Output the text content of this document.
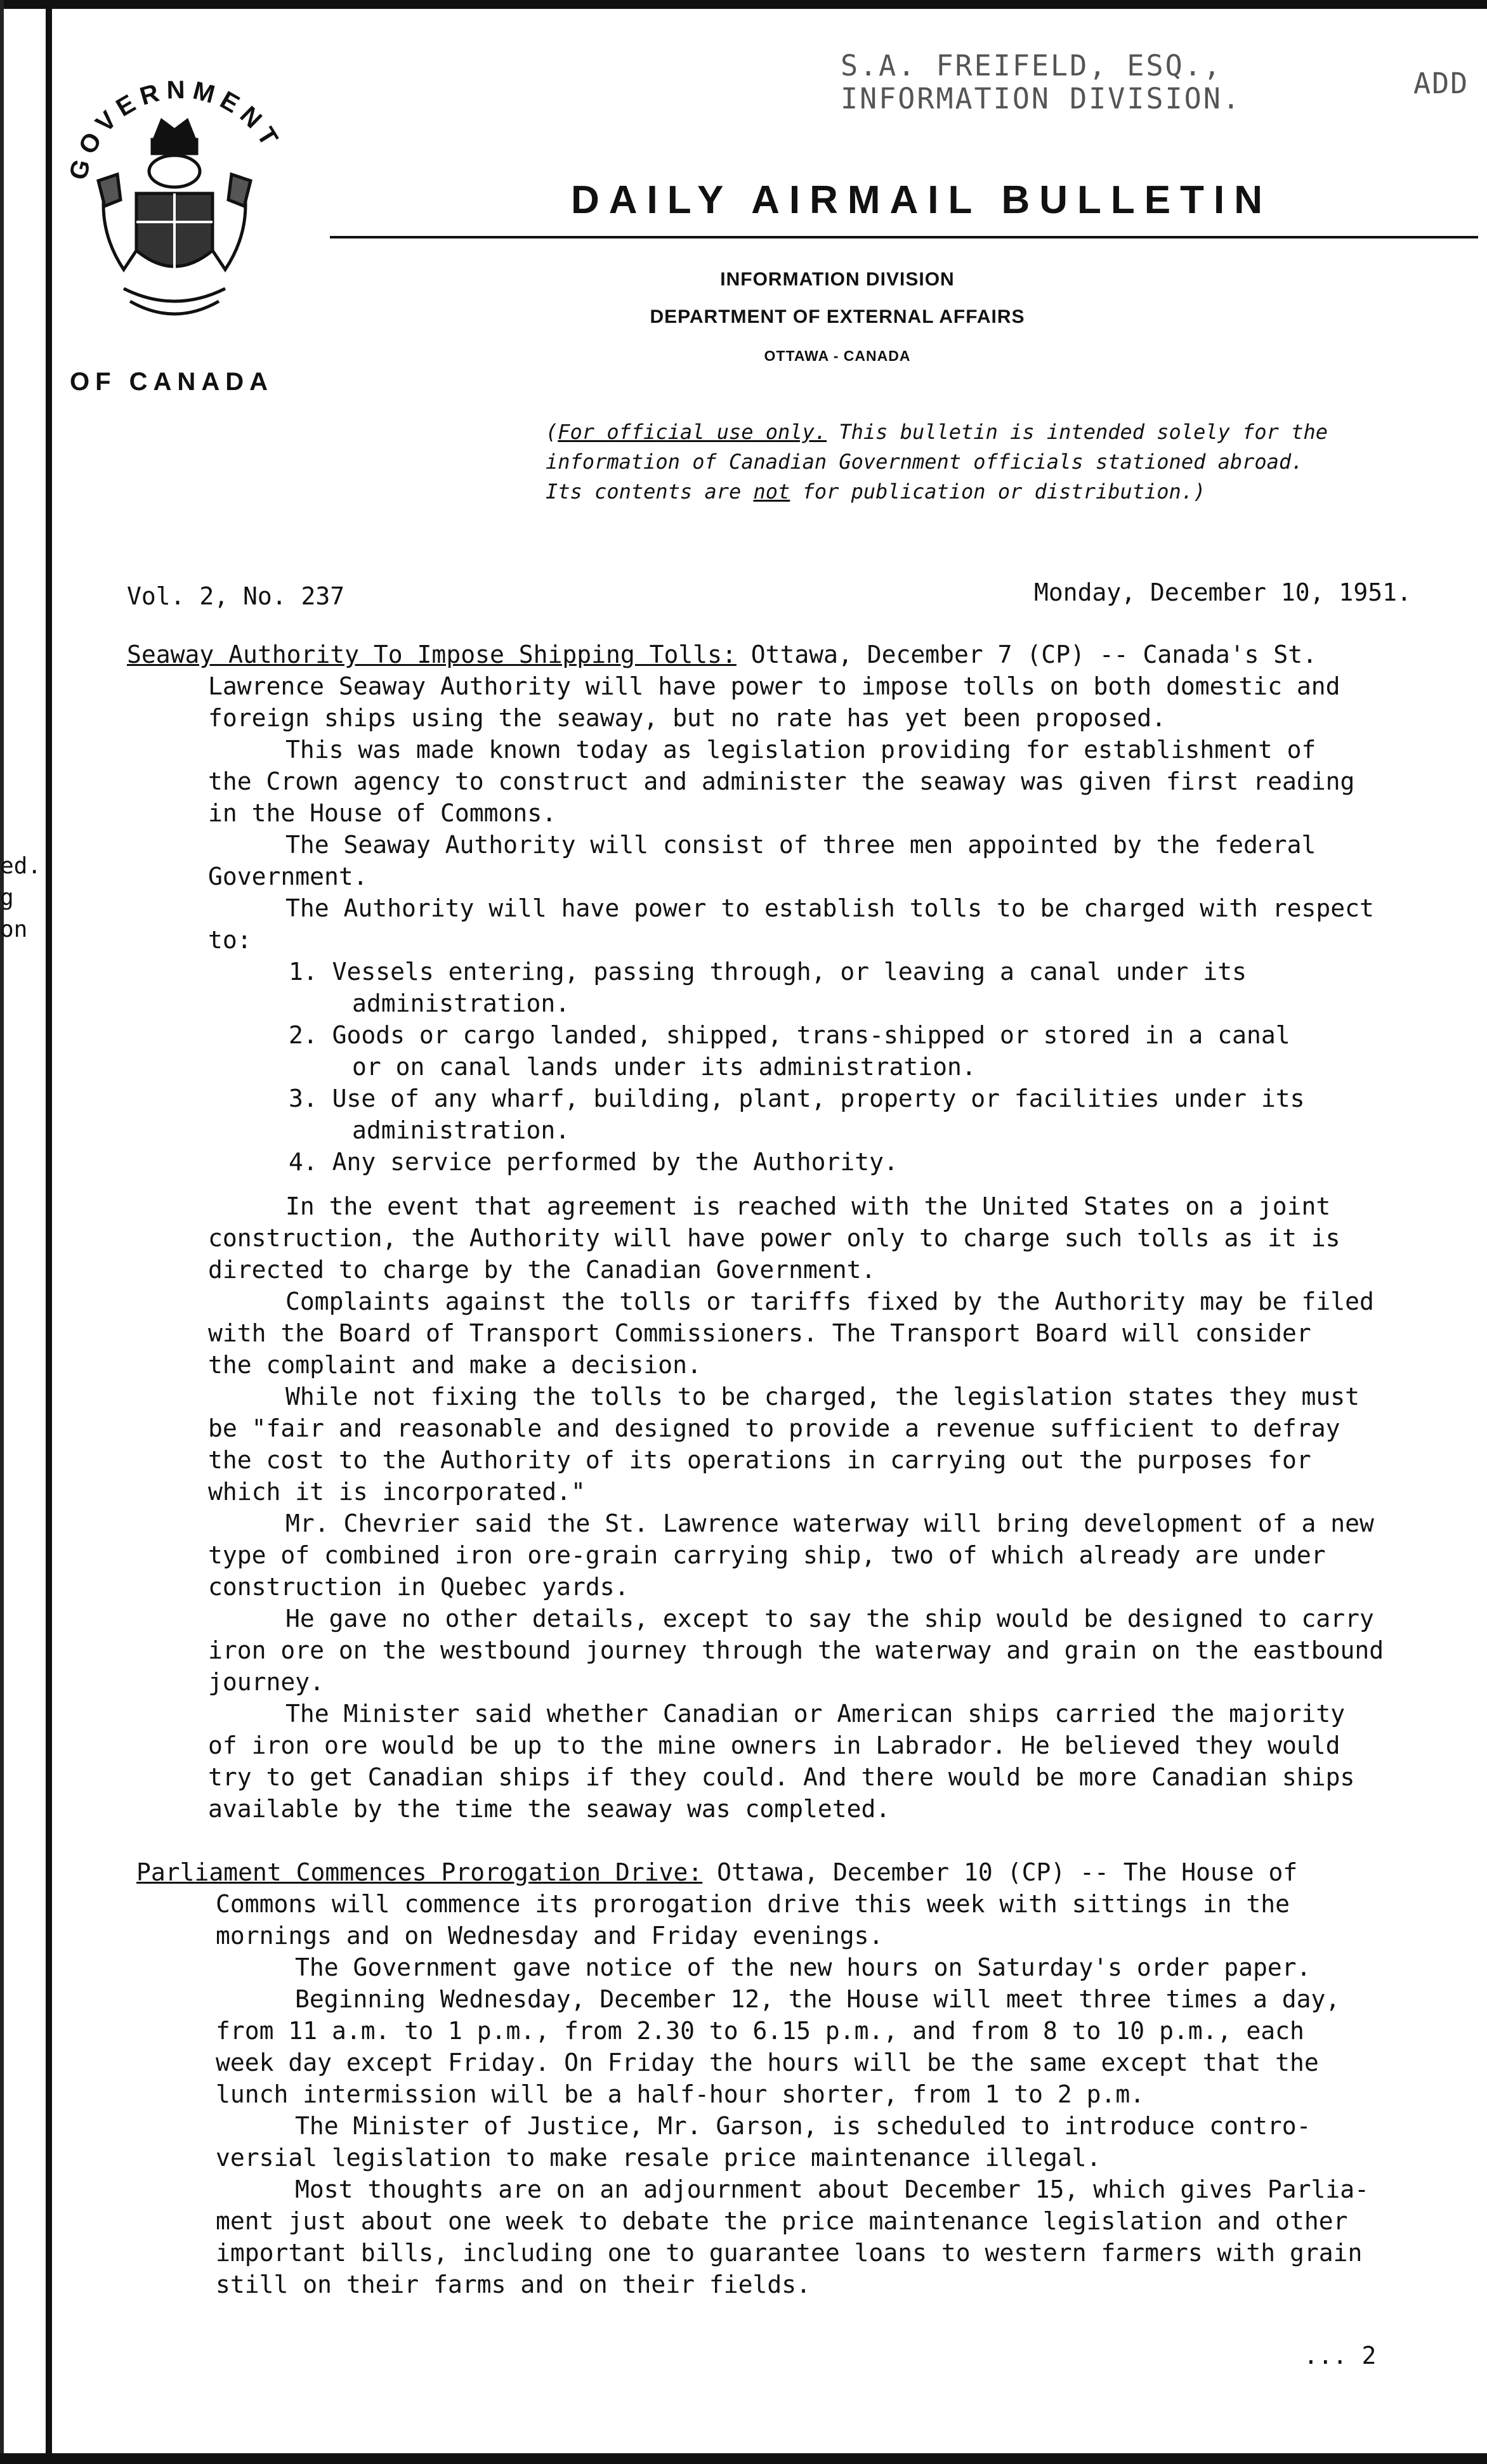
ed.
g
on
S.A. FREIFELD, ESQ.,
INFORMATION DIVISION.	ADD
GOVERNMENT
OF CANADA
DAILY AIRMAIL BULLETIN
INFORMATION DIVISION
DEPARTMENT OF EXTERNAL AFFAIRS
OTTAWA - CANADA
(For official use only. This bulletin is intended solely for the information of Canadian Government officials stationed abroad. Its contents are not for publication or distribution.)
Vol. 2, No. 237	Monday, December 10, 1951.
Seaway Authority To Impose Shipping Tolls: Ottawa, December 7 (CP) -- Canada's St.
Lawrence Seaway Authority will have power to impose tolls on both domestic and
foreign ships using the seaway, but no rate has yet been proposed.
This was made known today as legislation providing for establishment of
the Crown agency to construct and administer the seaway was given first reading
in the House of Commons.
The Seaway Authority will consist of three men appointed by the federal
Government.
The Authority will have power to establish tolls to be charged with respect
to:
1. Vessels entering, passing through, or leaving a canal under its
administration.
2. Goods or cargo landed, shipped, trans-shipped or stored in a canal
or on canal lands under its administration.
3. Use of any wharf, building, plant, property or facilities under its
administration.
4. Any service performed by the Authority.
In the event that agreement is reached with the United States on a joint
construction, the Authority will have power only to charge such tolls as it is
directed to charge by the Canadian Government.
Complaints against the tolls or tariffs fixed by the Authority may be filed
with the Board of Transport Commissioners. The Transport Board will consider
the complaint and make a decision.
While not fixing the tolls to be charged, the legislation states they must
be "fair and reasonable and designed to provide a revenue sufficient to defray
the cost to the Authority of its operations in carrying out the purposes for
which it is incorporated."
Mr. Chevrier said the St. Lawrence waterway will bring development of a new
type of combined iron ore-grain carrying ship, two of which already are under
construction in Quebec yards.
He gave no other details, except to say the ship would be designed to carry
iron ore on the westbound journey through the waterway and grain on the eastbound
journey.
The Minister said whether Canadian or American ships carried the majority
of iron ore would be up to the mine owners in Labrador. He believed they would
try to get Canadian ships if they could. And there would be more Canadian ships
available by the time the seaway was completed.
Parliament Commences Prorogation Drive: Ottawa, December 10 (CP) -- The House of
Commons will commence its prorogation drive this week with sittings in the
mornings and on Wednesday and Friday evenings.
The Government gave notice of the new hours on Saturday's order paper.
Beginning Wednesday, December 12, the House will meet three times a day,
from 11 a.m. to 1 p.m., from 2.30 to 6.15 p.m., and from 8 to 10 p.m., each
week day except Friday. On Friday the hours will be the same except that the
lunch intermission will be a half-hour shorter, from 1 to 2 p.m.
The Minister of Justice, Mr. Garson, is scheduled to introduce contro-
versial legislation to make resale price maintenance illegal.
Most thoughts are on an adjournment about December 15, which gives Parlia-
ment just about one week to debate the price maintenance legislation and other
important bills, including one to guarantee loans to western farmers with grain
still on their farms and on their fields.
... 2
